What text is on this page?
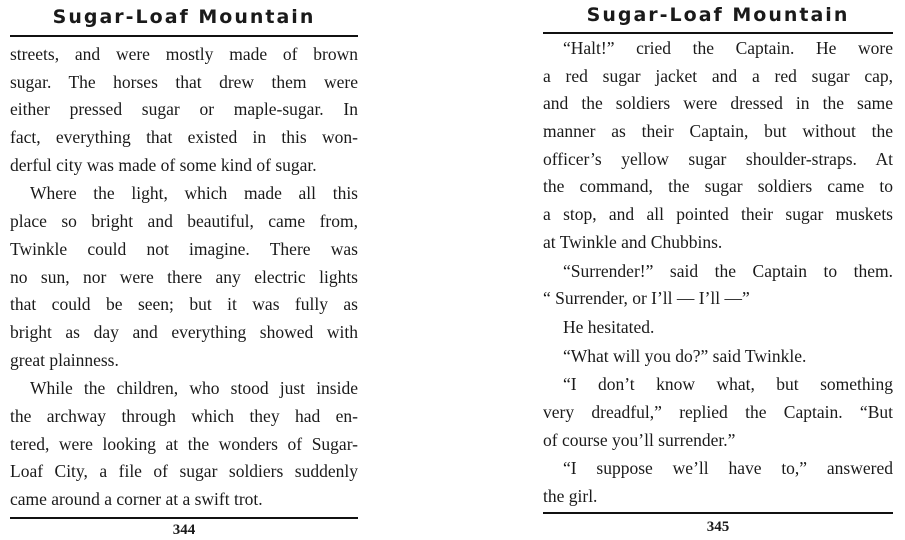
Sugar-Loaf Mountain
streets, and were mostly made of brown
sugar. The horses that drew them were
either pressed sugar or maple-sugar. In
fact, everything that existed in this won-
derful city was made of some kind of sugar.
Where the light, which made all this
place so bright and beautiful, came from,
Twinkle could not imagine. There was
no sun, nor were there any electric lights
that could be seen; but it was fully as
bright as day and everything showed with
great plainness.
While the children, who stood just inside
the archway through which they had en-
tered, were looking at the wonders of Sugar-
Loaf City, a file of sugar soldiers suddenly
came around a corner at a swift trot.
344
Sugar-Loaf Mountain
“Halt!” cried the Captain. He wore
a red sugar jacket and a red sugar cap,
and the soldiers were dressed in the same
manner as their Captain, but without the
officer’s yellow sugar shoulder-straps. At
the command, the sugar soldiers came to
a stop, and all pointed their sugar muskets
at Twinkle and Chubbins.
“Surrender!” said the Captain to them.
“ Surrender, or I’ll — I’ll —”
He hesitated.
“What will you do?” said Twinkle.
“I don’t know what, but something
very dreadful,” replied the Captain. “But
of course you’ll surrender.”
“I suppose we’ll have to,” answered
the girl.
345
